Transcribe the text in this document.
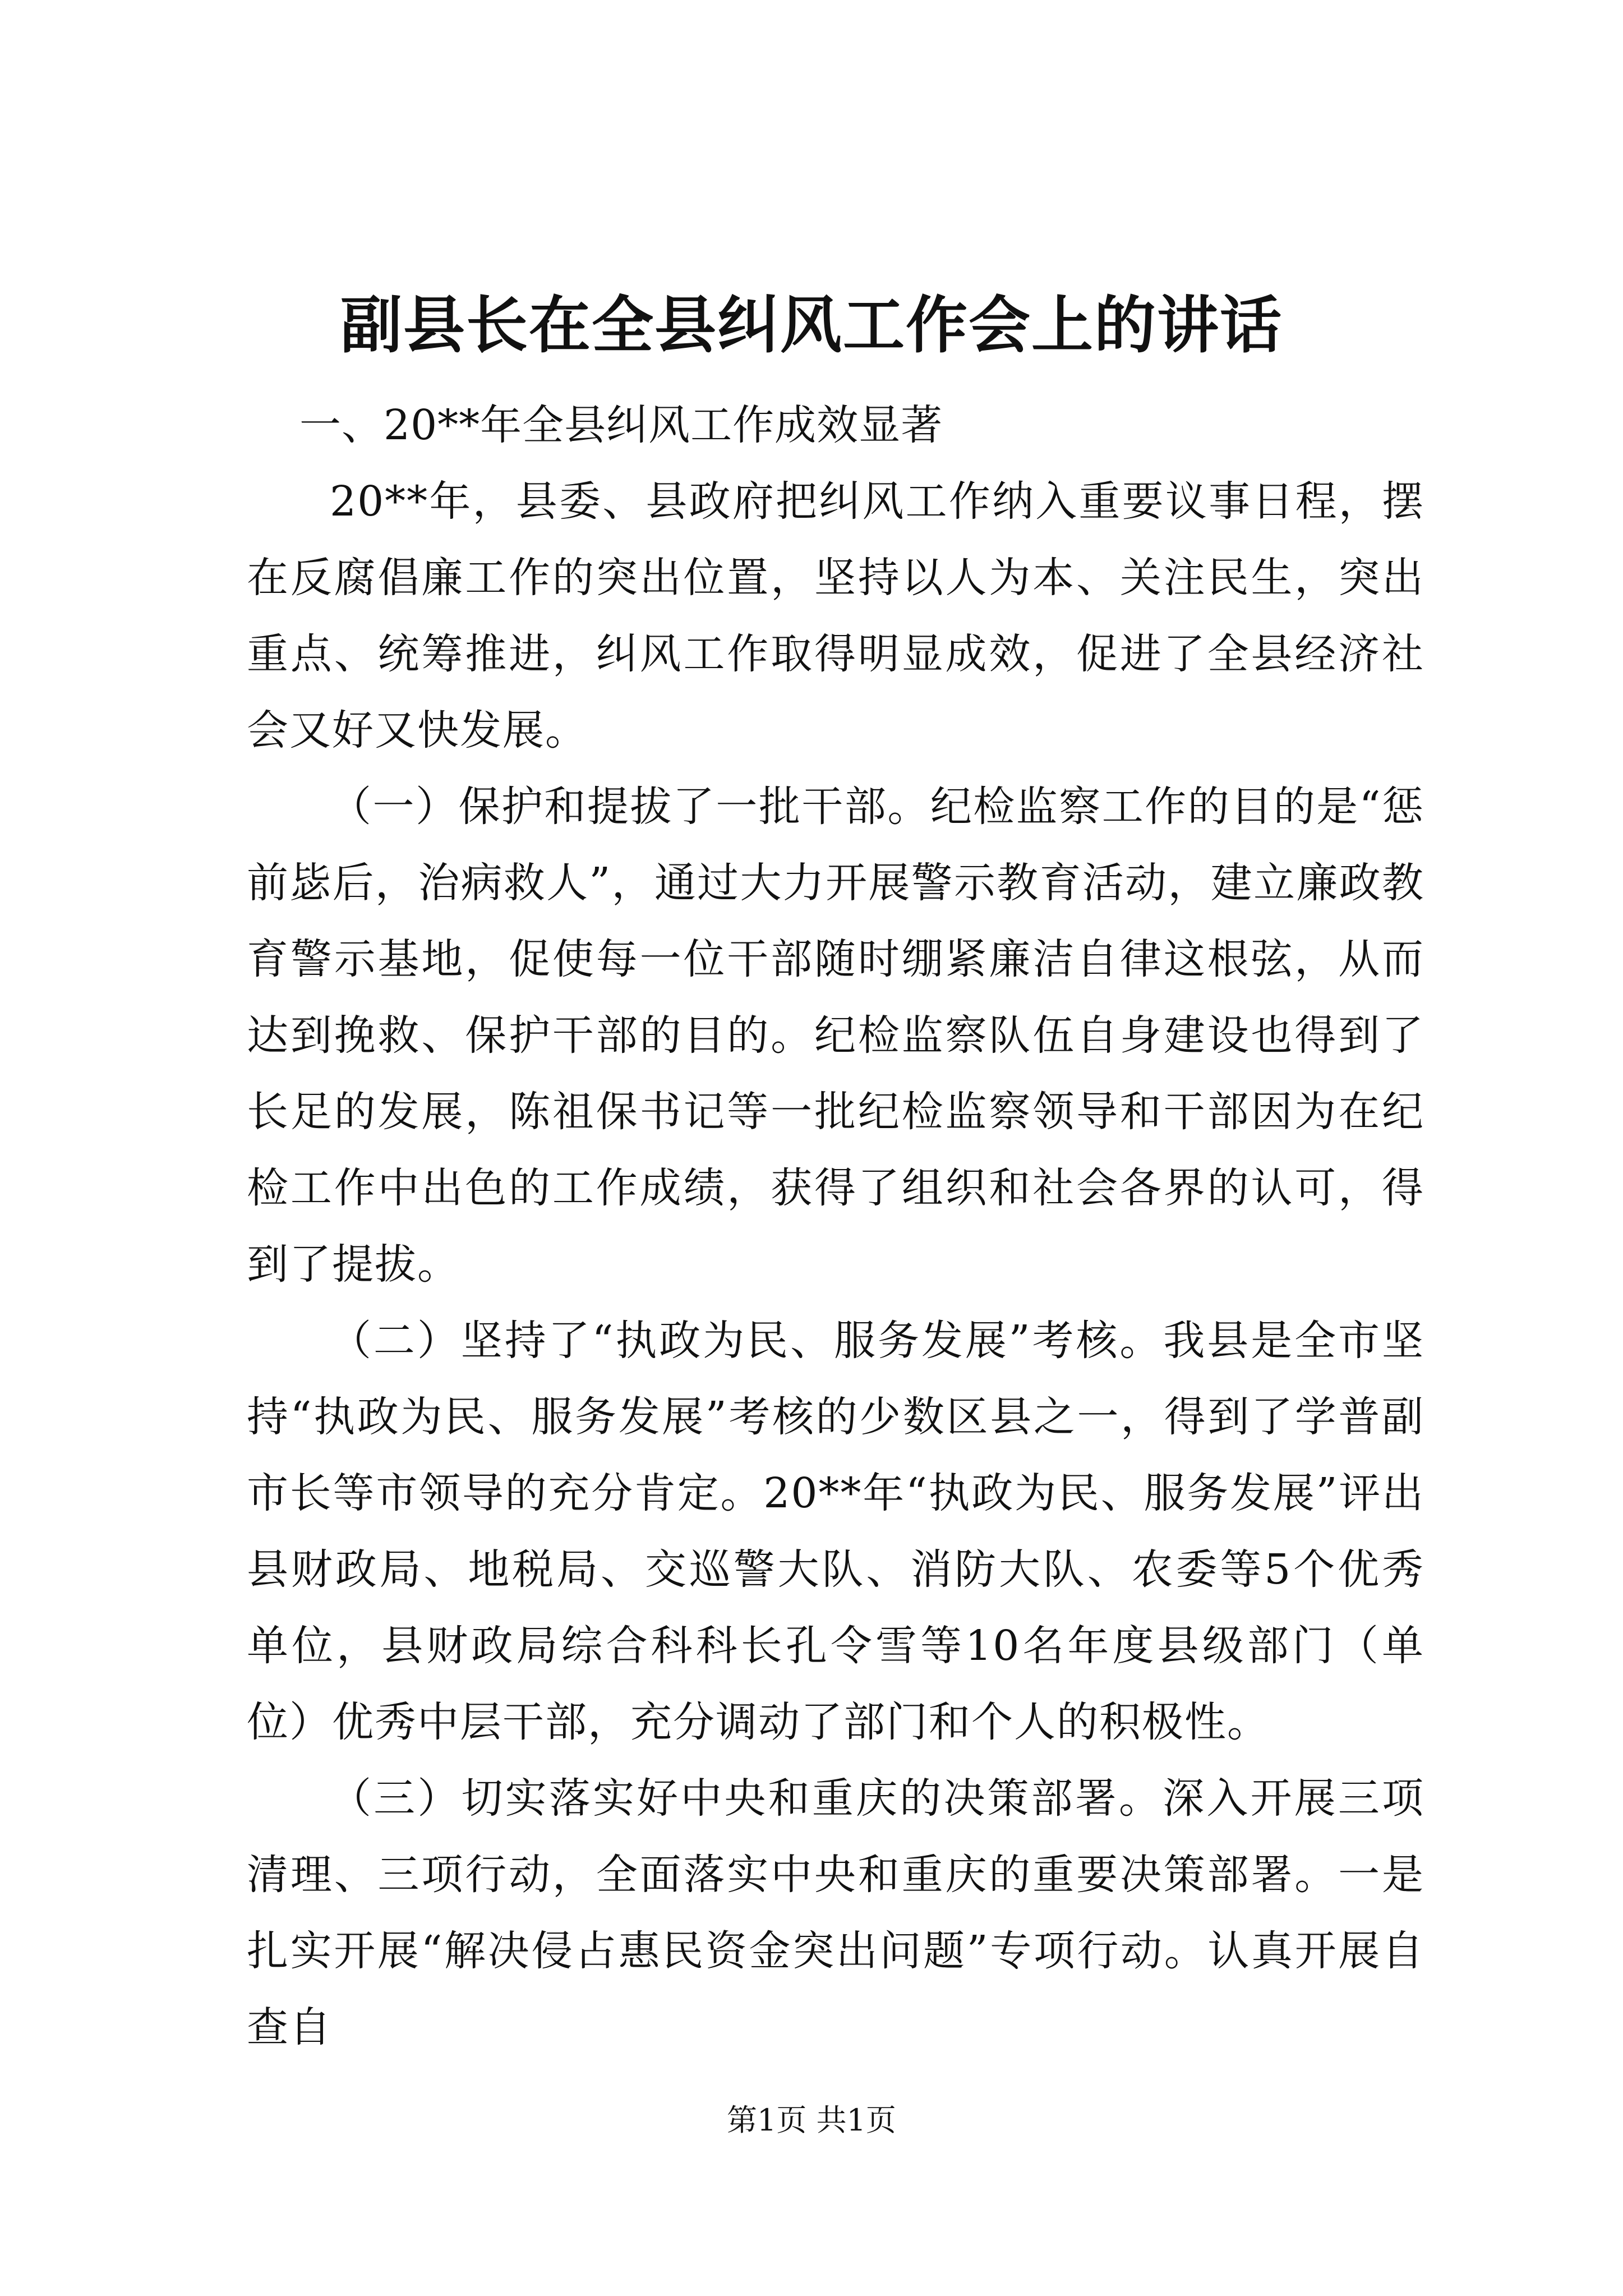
副县长在全县纠风工作会上的讲话

一、20**年全县纠风工作成效显著

20**年，县委、县政府把纠风工作纳入重要议事日程，摆在反腐倡廉工作的突出位置，坚持以人为本、关注民生，突出重点、统筹推进，纠风工作取得明显成效，促进了全县经济社会又好又快发展。

（一）保护和提拔了一批干部。纪检监察工作的目的是“惩前毖后，治病救人”，通过大力开展警示教育活动，建立廉政教育警示基地，促使每一位干部随时绷紧廉洁自律这根弦，从而达到挽救、保护干部的目的。纪检监察队伍自身建设也得到了长足的发展，陈祖保书记等一批纪检监察领导和干部因为在纪检工作中出色的工作成绩，获得了组织和社会各界的认可，得到了提拔。

（二）坚持了“执政为民、服务发展”考核。我县是全市坚持“执政为民、服务发展”考核的少数区县之一，得到了学普副市长等市领导的充分肯定。20**年“执政为民、服务发展”评出县财政局、地税局、交巡警大队、消防大队、农委等5个优秀单位，县财政局综合科科长孔令雪等10名年度县级部门（单位）优秀中层干部，充分调动了部门和个人的积极性。

（三）切实落实好中央和重庆的决策部署。深入开展三项清理、三项行动，全面落实中央和重庆的重要决策部署。一是扎实开展“解决侵占惠民资金突出问题”专项行动。认真开展自查自

第1页 共1页
